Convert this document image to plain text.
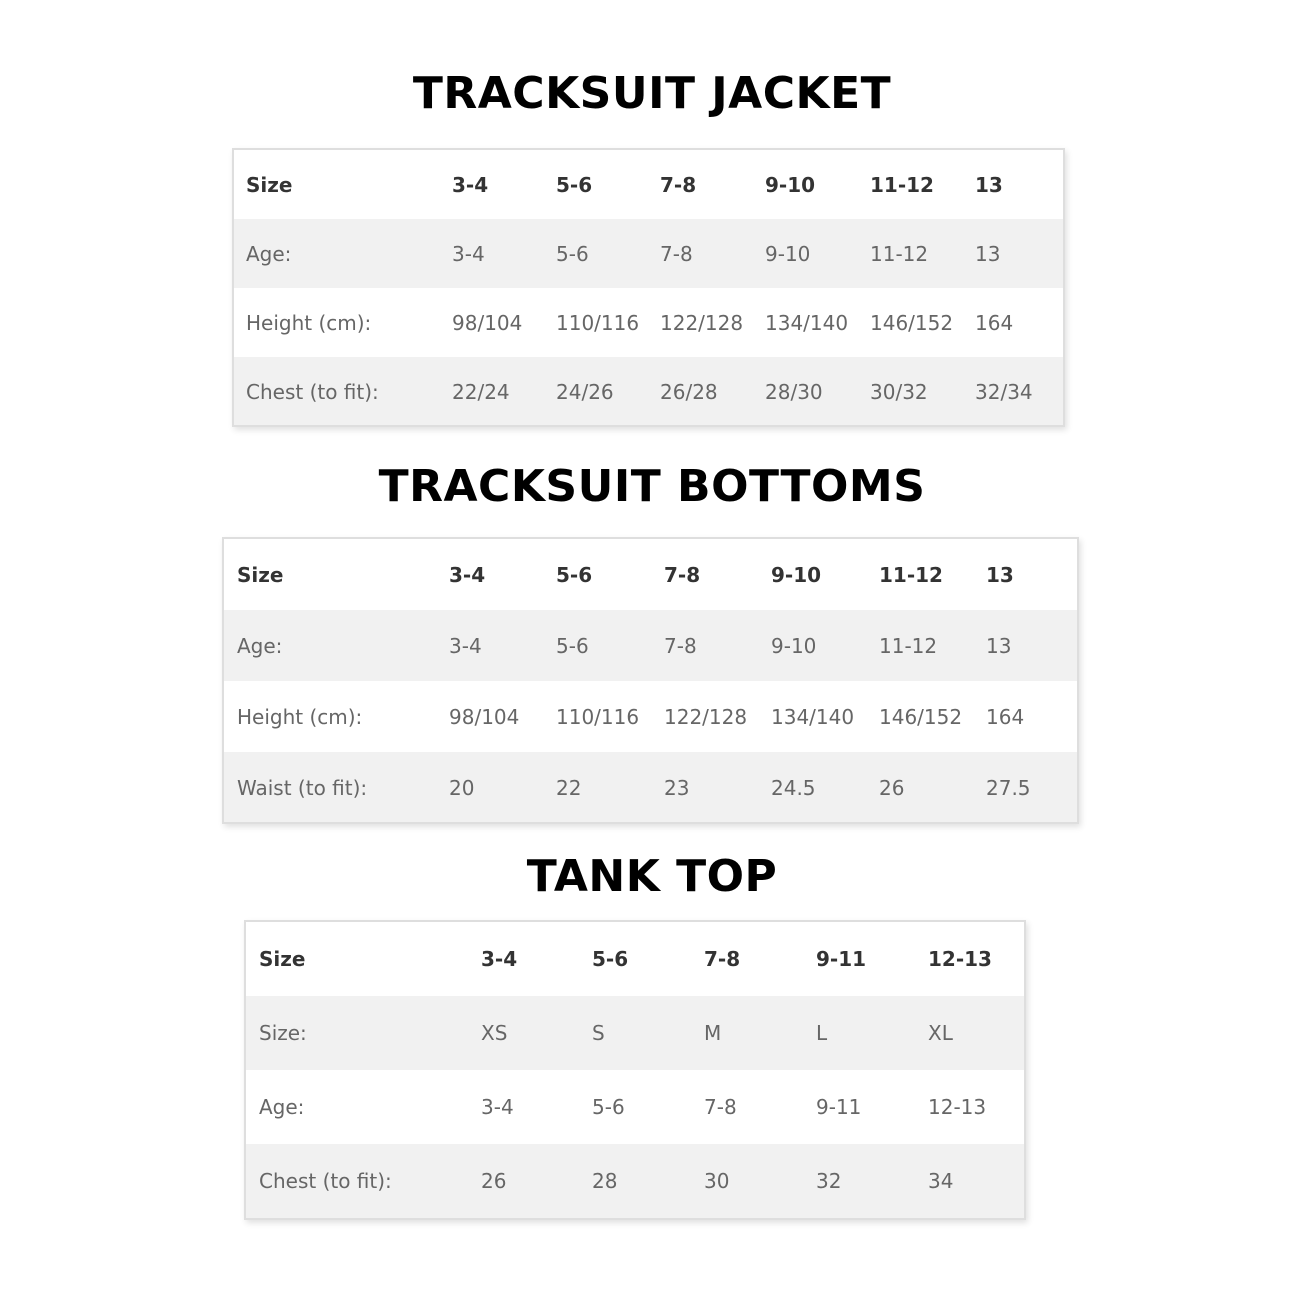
TRACKSUIT JACKET
Size	3-4	5-6	7-8	9-10	11-12 13
Age:	3-4	5-6	7-8	9-10	11-12 13
Height (cm):	98/104 110/116 122/128 134/140 146/152 164
Chest (to fit):	22/24 24/26 26/28 28/30 30/32 32/34
TRACKSUIT BOTTOMS
Size	3-4	5-6	7-8	9-10	11-12 13
Age:	3-4	5-6	7-8	9-10	11-12 13
Height (cm):	98/104 110/116 122/128 134/140 146/152 164
Waist (to fit):	20	22	23	24.5	26	27.5
TANK TOP
Size	3-4	5-6	7-8	9-11	12-13
Size:	XS	S	M	L	XL
Age:	3-4	5-6	7-8	9-11	12-13
Chest (to fit):	26	28	30	32	34
